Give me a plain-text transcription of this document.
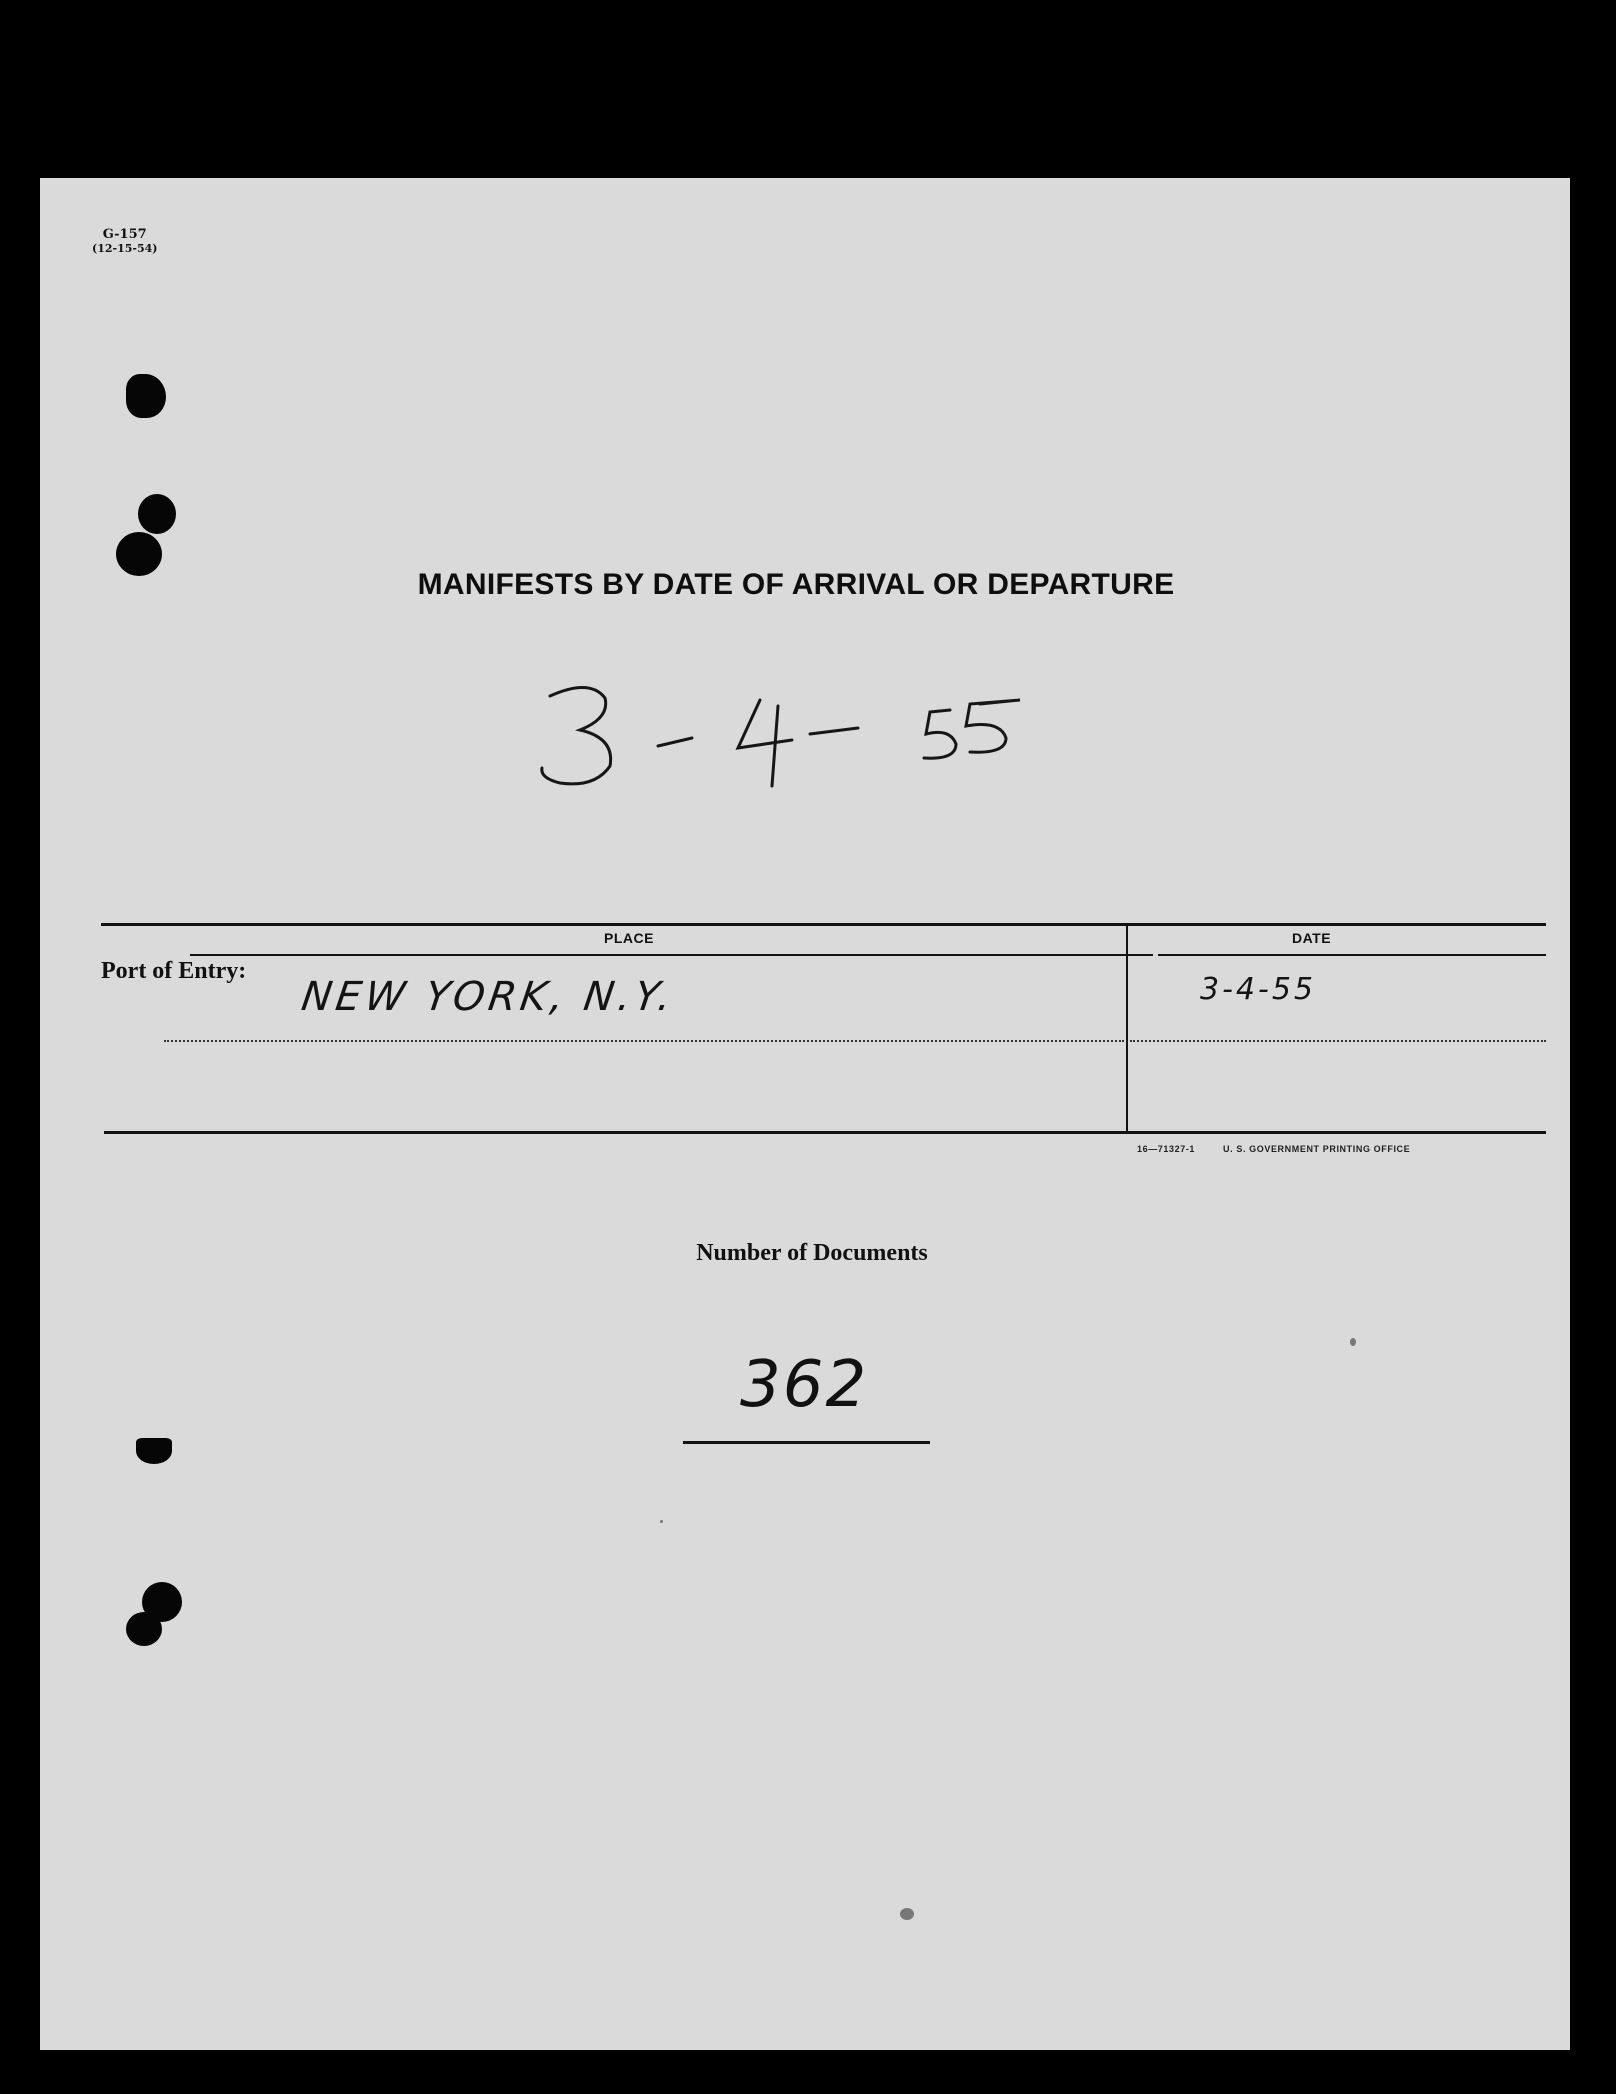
G-157
(12-15-54)
MANIFESTS BY DATE OF ARRIVAL OR DEPARTURE
PLACE	DATE
Port of Entry:
NEW YORK, N.Y.	3-4-55
16—71327-1	U. S. GOVERNMENT PRINTING OFFICE
Number of Documents
362
